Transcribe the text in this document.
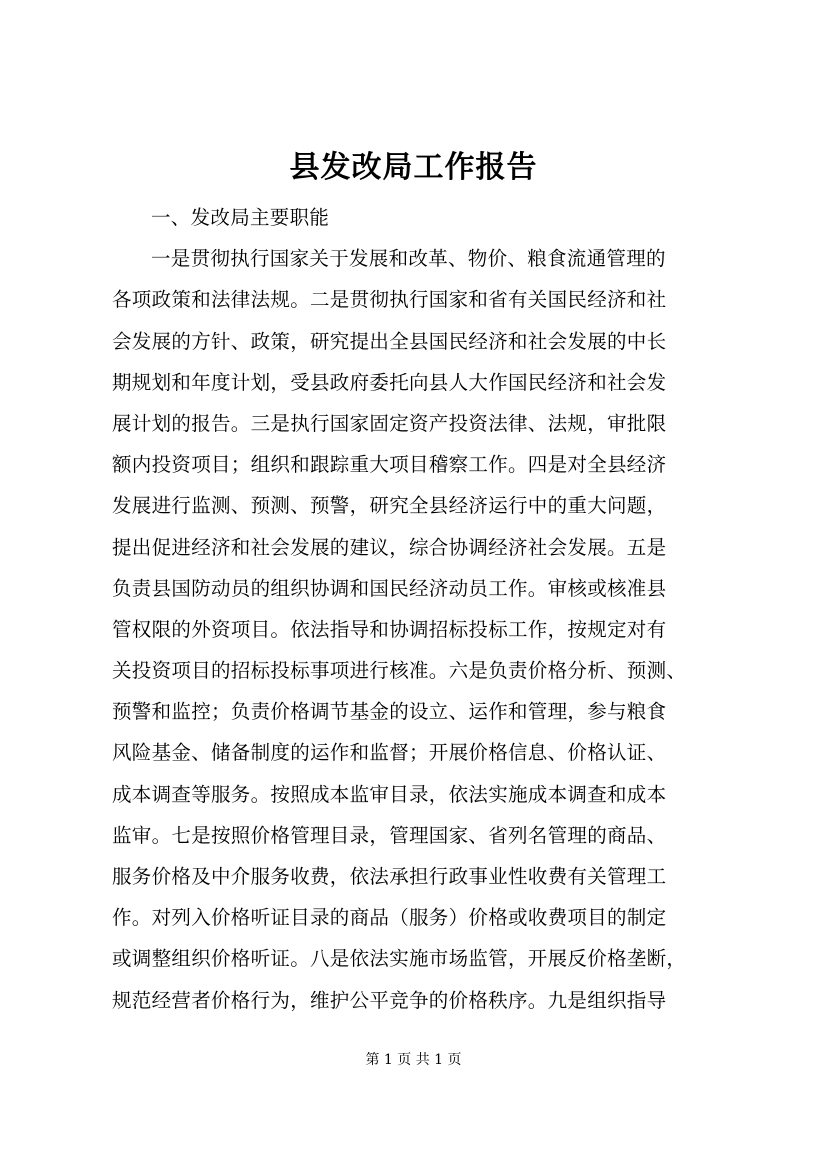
县发改局工作报告
一、发改局主要职能
一是贯彻执行国家关于发展和改革、物价、粮食流通管理的
各项政策和法律法规。二是贯彻执行国家和省有关国民经济和社
会发展的方针、政策，研究提出全县国民经济和社会发展的中长
期规划和年度计划，受县政府委托向县人大作国民经济和社会发
展计划的报告。三是执行国家固定资产投资法律、法规，审批限
额内投资项目；组织和跟踪重大项目稽察工作。四是对全县经济
发展进行监测、预测、预警，研究全县经济运行中的重大问题，
提出促进经济和社会发展的建议，综合协调经济社会发展。五是
负责县国防动员的组织协调和国民经济动员工作。审核或核准县
管权限的外资项目。依法指导和协调招标投标工作，按规定对有
关投资项目的招标投标事项进行核准。六是负责价格分析、预测、
预警和监控；负责价格调节基金的设立、运作和管理，参与粮食
风险基金、储备制度的运作和监督；开展价格信息、价格认证、
成本调查等服务。按照成本监审目录，依法实施成本调查和成本
监审。七是按照价格管理目录，管理国家、省列名管理的商品、
服务价格及中介服务收费，依法承担行政事业性收费有关管理工
作。对列入价格听证目录的商品（服务）价格或收费项目的制定
或调整组织价格听证。八是依法实施市场监管，开展反价格垄断，
规范经营者价格行为，维护公平竞争的价格秩序。九是组织指导
第 1 页 共 1 页
